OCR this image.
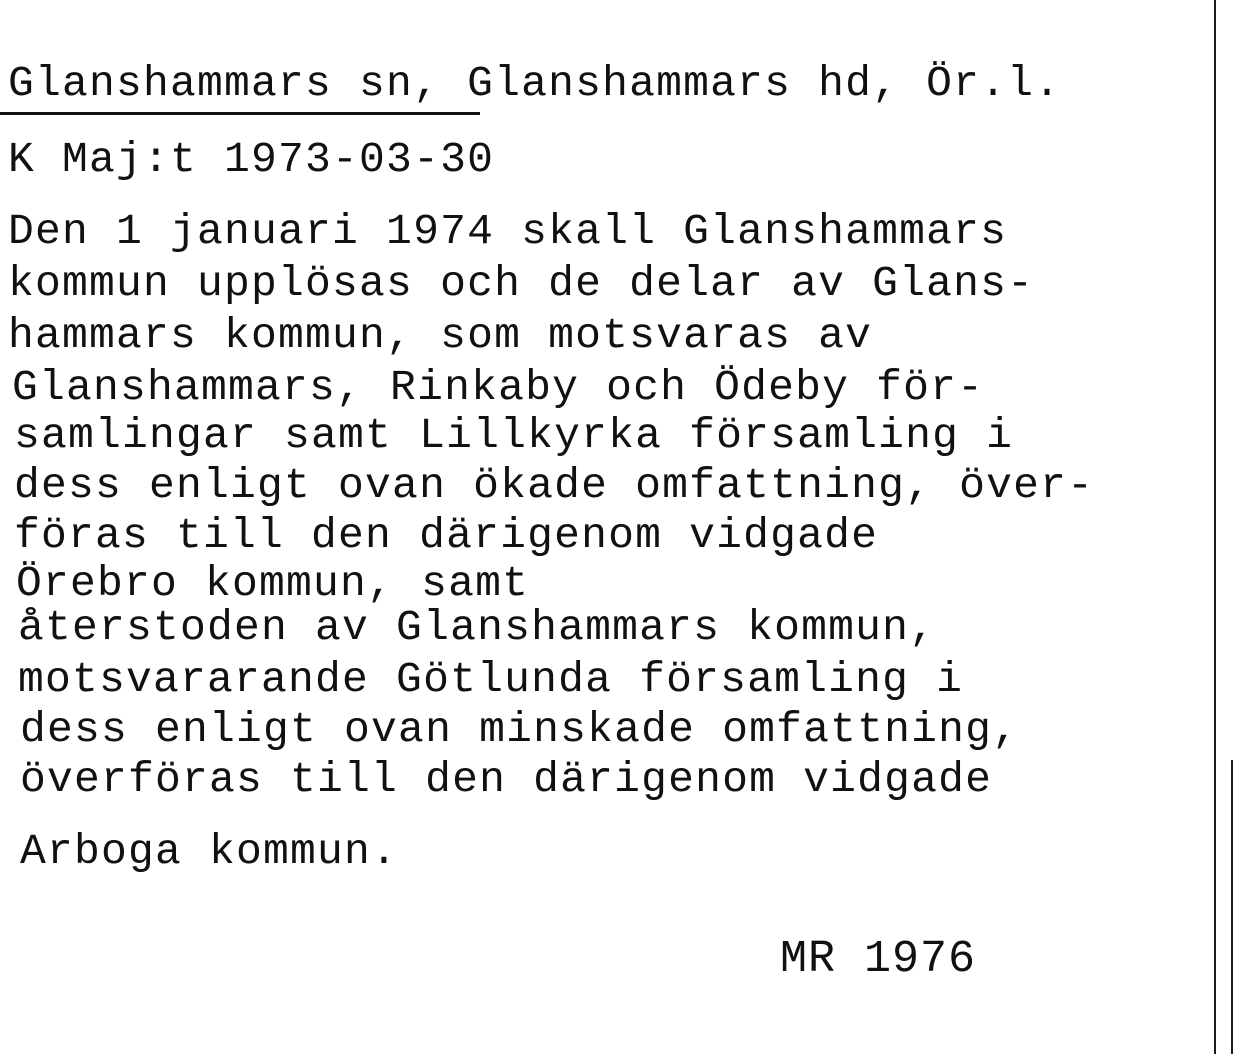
Glanshammars sn, Glanshammars hd, Ör.l.
K Maj:t 1973-03-30
Den 1 januari 1974 skall Glanshammars
kommun upplösas och de delar av Glans-
hammars kommun, som motsvaras av
Glanshammars, Rinkaby och Ödeby för-
samlingar samt Lillkyrka församling i
dess enligt ovan ökade omfattning, över-
föras till den därigenom vidgade
Örebro kommun, samt
återstoden av Glanshammars kommun,
motsvararande Götlunda församling i
dess enligt ovan minskade omfattning,
överföras till den därigenom vidgade
Arboga kommun.
MR 1976
